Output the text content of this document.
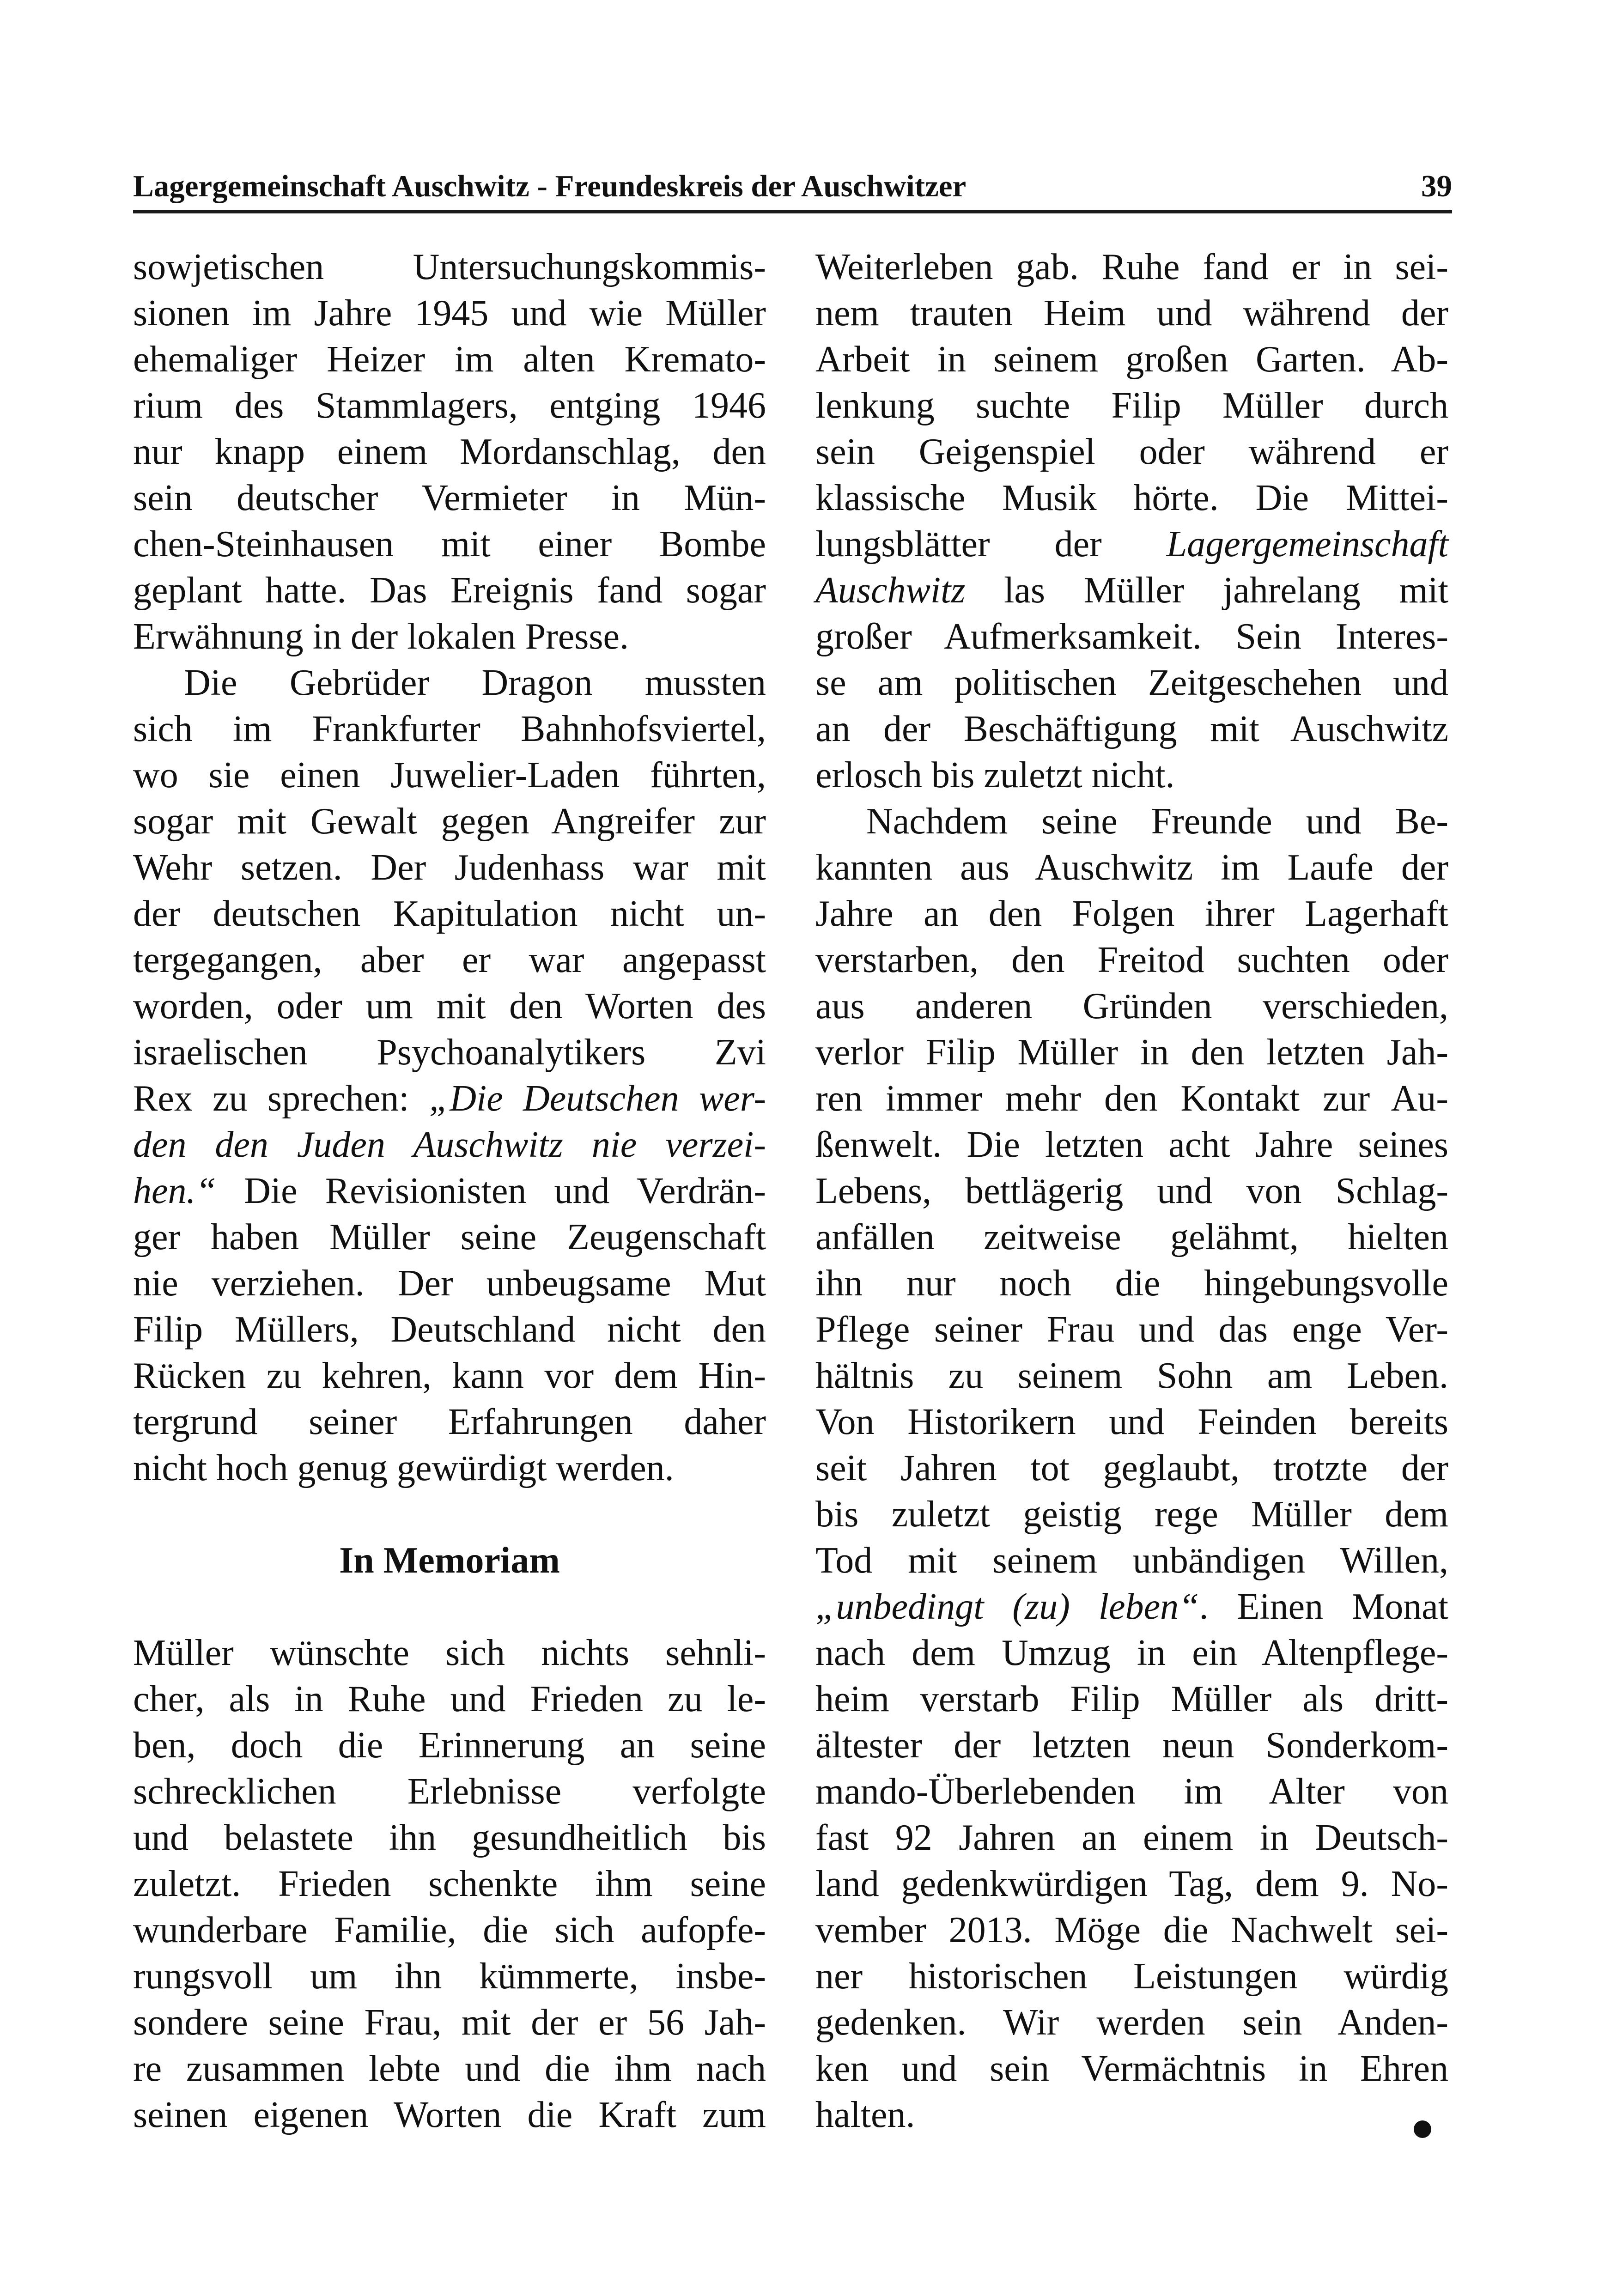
Lagergemeinschaft Auschwitz - Freundeskreis der Auschwitzer	39
sowjetischen Untersuchungskommis-
sionen im Jahre 1945 und wie Müller
ehemaliger Heizer im alten Kremato-
rium des Stammlagers, entging 1946
nur knapp einem Mordanschlag, den
sein deutscher Vermieter in Mün-
chen-Steinhausen mit einer Bombe
geplant hatte. Das Ereignis fand sogar
Erwähnung in der lokalen Presse.
Die Gebrüder Dragon mussten
sich im Frankfurter Bahnhofsviertel,
wo sie einen Juwelier-Laden führten,
sogar mit Gewalt gegen Angreifer zur
Wehr setzen. Der Judenhass war mit
der deutschen Kapitulation nicht un-
tergegangen, aber er war angepasst
worden, oder um mit den Worten des
israelischen Psychoanalytikers Zvi
Rex zu sprechen: „Die Deutschen wer-
den den Juden Auschwitz nie verzei-
hen.“ Die Revisionisten und Verdrän-
ger haben Müller seine Zeugenschaft
nie verziehen. Der unbeugsame Mut
Filip Müllers, Deutschland nicht den
Rücken zu kehren, kann vor dem Hin-
tergrund seiner Erfahrungen daher
nicht hoch genug gewürdigt werden.
In Memoriam
Müller wünschte sich nichts sehnli-
cher, als in Ruhe und Frieden zu le-
ben, doch die Erinnerung an seine
schrecklichen Erlebnisse verfolgte
und belastete ihn gesundheitlich bis
zuletzt. Frieden schenkte ihm seine
wunderbare Familie, die sich aufopfe-
rungsvoll um ihn kümmerte, insbe-
sondere seine Frau, mit der er 56 Jah-
re zusammen lebte und die ihm nach
seinen eigenen Worten die Kraft zum
Weiterleben gab. Ruhe fand er in sei-
nem trauten Heim und während der
Arbeit in seinem großen Garten. Ab-
lenkung suchte Filip Müller durch
sein Geigenspiel oder während er
klassische Musik hörte. Die Mittei-
lungsblätter der Lagergemeinschaft
Auschwitz las Müller jahrelang mit
großer Aufmerksamkeit. Sein Interes-
se am politischen Zeitgeschehen und
an der Beschäftigung mit Auschwitz
erlosch bis zuletzt nicht.
Nachdem seine Freunde und Be-
kannten aus Auschwitz im Laufe der
Jahre an den Folgen ihrer Lagerhaft
verstarben, den Freitod suchten oder
aus anderen Gründen verschieden,
verlor Filip Müller in den letzten Jah-
ren immer mehr den Kontakt zur Au-
ßenwelt. Die letzten acht Jahre seines
Lebens, bettlägerig und von Schlag-
anfällen zeitweise gelähmt, hielten
ihn nur noch die hingebungsvolle
Pflege seiner Frau und das enge Ver-
hältnis zu seinem Sohn am Leben.
Von Historikern und Feinden bereits
seit Jahren tot geglaubt, trotzte der
bis zuletzt geistig rege Müller dem
Tod mit seinem unbändigen Willen,
„unbedingt (zu) leben“. Einen Monat
nach dem Umzug in ein Altenpflege-
heim verstarb Filip Müller als dritt-
ältester der letzten neun Sonderkom-
mando-Überlebenden im Alter von
fast 92 Jahren an einem in Deutsch-
land gedenkwürdigen Tag, dem 9. No-
vember 2013. Möge die Nachwelt sei-
ner historischen Leistungen würdig
gedenken. Wir werden sein Anden-
ken und sein Vermächtnis in Ehren
halten.
